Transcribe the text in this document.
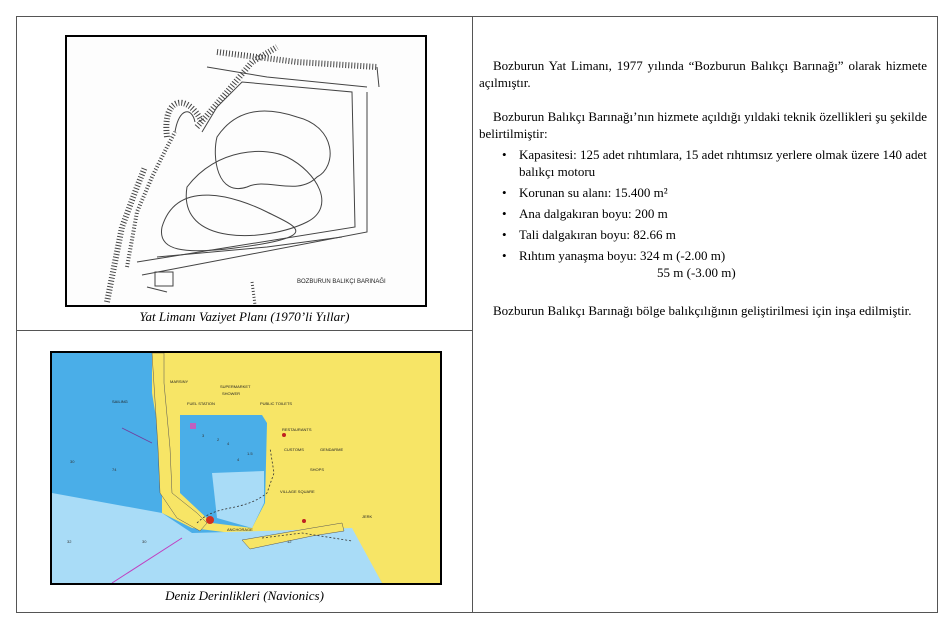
BOZBURUN BALIKÇI BARINAĞI
Yat Limanı Vaziyet Planı (1970’li Yıllar)
30
74
3
2
4
4
1.5
32	30	12
MARSINY
SUPERMARKET
SHOWER
FUEL STATION	PUBLIC TOILETS
RESTAURANTS
CUSTOMS	GENDARME
SHOPS
VILLAGE SQUARE
ANCHORAGE
JERK
SAILING
Deniz Derinlikleri (Navionics)

Bozburun Yat Limanı, 1977 yılında “Bozburun Balıkçı Barınağı” olarak hizmete açılmıştır.

Bozburun Balıkçı Barınağı’nın hizmete açıldığı yıldaki teknik özellikleri şu şekilde belirtilmiştir:

• Kapasitesi: 125 adet rıhtımlara, 15 adet rıhtımsız yerlere olmak üzere 140 adet balıkçı motoru
• Korunan su alanı: 15.400 m²
• Ana dalgakıran boyu: 200 m
• Tali dalgakıran boyu: 82.66 m
• Rıhtım yanaşma boyu: 324 m (-2.00 m)
55 m (-3.00 m)

Bozburun Balıkçı Barınağı bölge balıkçılığının geliştirilmesi için inşa edilmiştir.
